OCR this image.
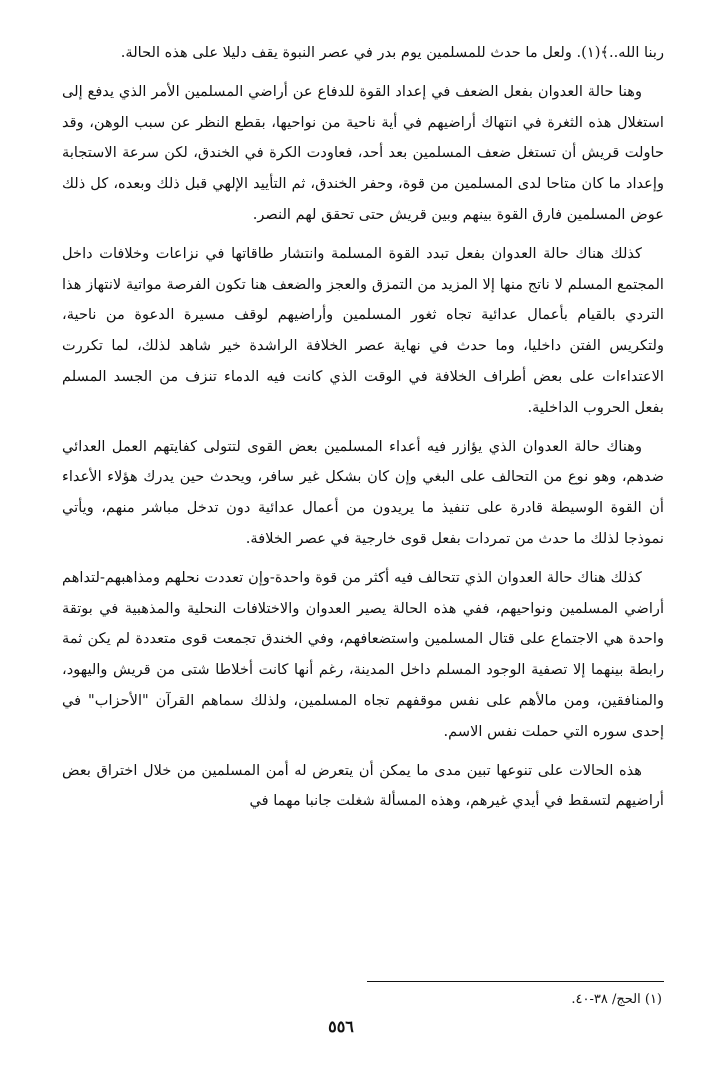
ربنا الله..﴾(١). ولعل ما حدث للمسلمين يوم بدر في عصر النبوة يقف دليلا على هذه الحالة.

وهنا حالة العدوان بفعل الضعف في إعداد القوة للدفاع عن أراضي المسلمين الأمر الذي يدفع إلى استغلال هذه الثغرة في انتهاك أراضيهم في أية ناحية من نواحيها، بقطع النظر عن سبب الوهن، وقد حاولت قريش أن تستغل ضعف المسلمين بعد أحد، فعاودت الكرة في الخندق، لكن سرعة الاستجابة وإعداد ما كان متاحا لدى المسلمين من قوة، وحفر الخندق، ثم التأييد الإلهي قبل ذلك وبعده، كل ذلك عوض المسلمين فارق القوة بينهم وبين قريش حتى تحقق لهم النصر.

كذلك هناك حالة العدوان بفعل تبدد القوة المسلمة وانتشار طاقاتها في نزاعات وخلافات داخل المجتمع المسلم لا ناتج منها إلا المزيد من التمزق والعجز والضعف هنا تكون الفرصة مواتية لانتهاز هذا التردي بالقيام بأعمال عدائية تجاه ثغور المسلمين وأراضيهم لوقف مسيرة الدعوة من ناحية، ولتكريس الفتن داخليا، وما حدث في نهاية عصر الخلافة الراشدة خير شاهد لذلك، لما تكررت الاعتداءات على بعض أطراف الخلافة في الوقت الذي كانت فيه الدماء تنزف من الجسد المسلم بفعل الحروب الداخلية.

وهناك حالة العدوان الذي يؤازر فيه أعداء المسلمين بعض القوى لتتولى كفايتهم العمل العدائي ضدهم، وهو نوع من التحالف على البغي وإن كان بشكل غير سافر، ويحدث حين يدرك هؤلاء الأعداء أن القوة الوسيطة قادرة على تنفيذ ما يريدون من أعمال عدائية دون تدخل مباشر منهم، ويأتي نموذجا لذلك ما حدث من تمردات بفعل قوى خارجية في عصر الخلافة.

كذلك هناك حالة العدوان الذي تتحالف فيه أكثر من قوة واحدة-وإن تعددت نحلهم ومذاهبهم-لتداهم أراضي المسلمين ونواحيهم، ففي هذه الحالة يصير العدوان والاختلافات النحلية والمذهبية في بوتقة واحدة هي الاجتماع على قتال المسلمين واستضعافهم، وفي الخندق تجمعت قوى متعددة لم يكن ثمة رابطة بينهما إلا تصفية الوجود المسلم داخل المدينة، رغم أنها كانت أخلاطا شتى من قريش واليهود، والمنافقين، ومن مالأهم على نفس موقفهم تجاه المسلمين، ولذلك سماهم القرآن "الأحزاب" في إحدى سوره التي حملت نفس الاسم.

هذه الحالات على تنوعها تبين مدى ما يمكن أن يتعرض له أمن المسلمين من خلال اختراق بعض أراضيهم لتسقط في أيدي غيرهم، وهذه المسألة شغلت جانبا مهما في

(١) الحج/ ٣٨-٤٠.
٥٥٦
